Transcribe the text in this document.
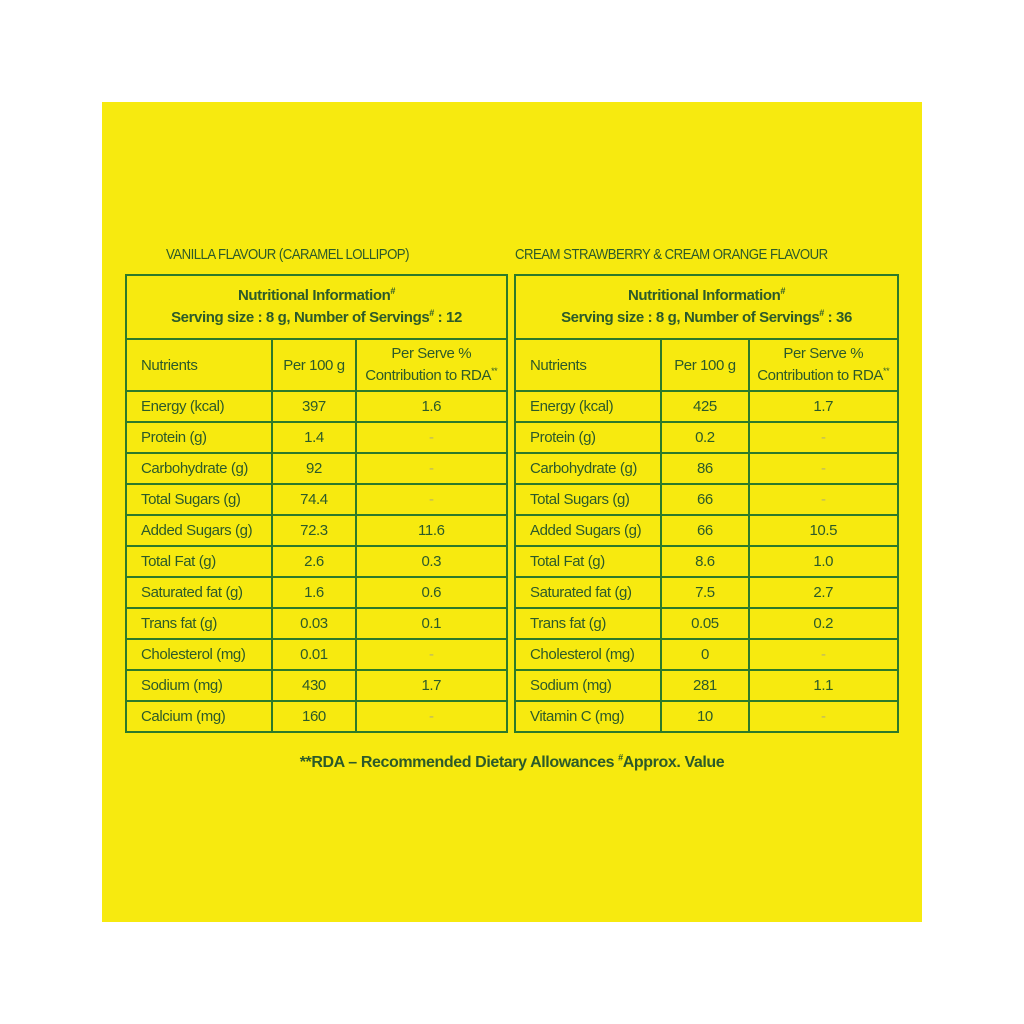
VANILLA FLAVOUR (CARAMEL LOLLIPOP)	CREAM STRAWBERRY & CREAM ORANGE FLAVOUR
Nutritional Information#
Serving size : 8 g, Number of Servings# : 12		
Nutrients	Per 100 g	Per Serve %
Contribution to RDA**
Energy (kcal)	397	1.6
Protein (g)	1.4	-
Carbohydrate (g)	92	-
Total Sugars (g)	74.4	-
Added Sugars (g)	72.3	11.6
Total Fat (g)	2.6	0.3
Saturated fat (g)	1.6	0.6
Trans fat (g)	0.03	0.1
Cholesterol (mg)	0.01	-
Sodium (mg)	430	1.7
Calcium (mg)	160	-
Nutritional Information#
Serving size : 8 g, Number of Servings# : 36		
Nutrients	Per 100 g	Per Serve %
Contribution to RDA**
Energy (kcal)	425	1.7
Protein (g)	0.2	-
Carbohydrate (g)	86	-
Total Sugars (g)	66	-
Added Sugars (g)	66	10.5
Total Fat (g)	8.6	1.0
Saturated fat (g)	7.5	2.7
Trans fat (g)	0.05	0.2
Cholesterol (mg)	0	-
Sodium (mg)	281	1.1
Vitamin C (mg)	10	-
**RDA – Recommended Dietary Allowances #Approx. Value
